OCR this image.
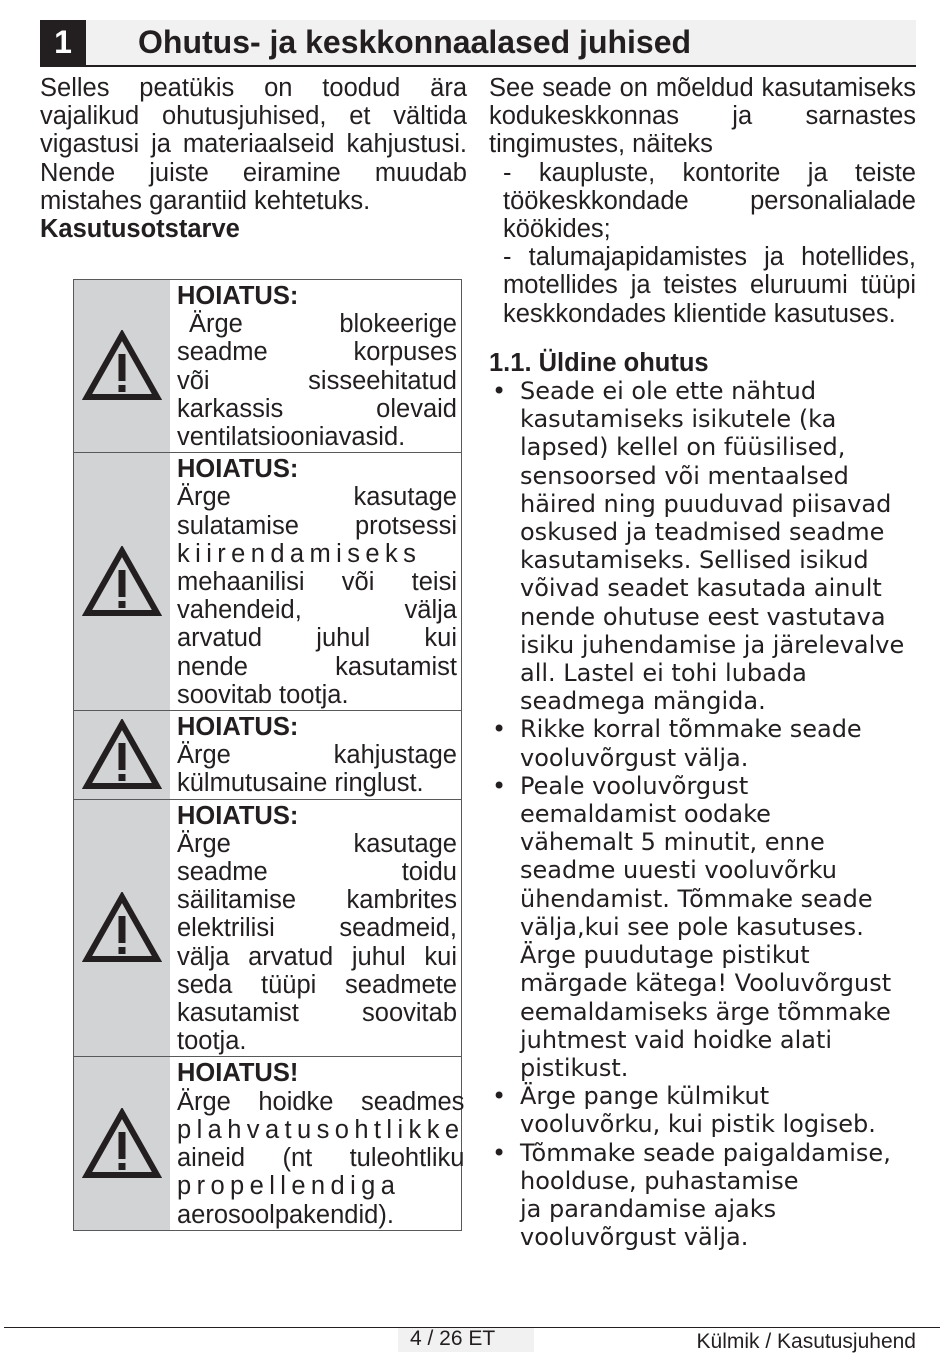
1	Ohutus- ja keskkonnaalased juhised

Selles peatükis on toodud ära vajalikud ohutusjuhised, et vältida vigastusi ja materiaalseid kahjustusi. Nende juiste eiramine muudab mistahes garantiid kehtetuks.

Kasutusotstarve

HOIATUS:

Ärge blokeerige
seadme korpuses
või sisseehitatud
karkassis olevaid
ventilatsiooniavasid.

HOIATUS:

Ärge kasutage
sulatamise protsessi
kiirendamiseks
mehaanilisi või teisi
vahendeid, välja
arvatud juhul kui
nende kasutamist
soovitab tootja.

HOIATUS:

Ärge kahjustage
külmutusaine ringlust.

HOIATUS:

Ärge kasutage
seadme toidu
säilitamise kambrites
elektrilisi seadmeid,
välja arvatud juhul kui
seda tüüpi seadmete
kasutamist soovitab
tootja.

HOIATUS!

Ärge hoidke seadmes
plahvatusohtlikke
aineid (nt tuleohtliku
propellendiga
aerosoolpakendid).

See seade on mõeldud kasutamiseks kodukeskkonnas ja sarnastes tingimustes, näiteks

- kaupluste, kontorite ja teiste töökeskkondade personalialade köökides;

- talumajapidamistes ja hotellides, motellides ja teistes eluruumi tüüpi keskkondades klientide kasutuses.

1.1. Üldine ohutus

• Seade ei ole ette nähtud
kasutamiseks isikutele (ka
lapsed) kellel on füüsilised,
sensoorsed või mentaalsed
häired ning puuduvad piisavad
oskused ja teadmised seadme
kasutamiseks. Sellised isikud
võivad seadet kasutada ainult
nende ohutuse eest vastutava
isiku juhendamise ja järelevalve
all. Lastel ei tohi lubada
seadmega mängida.
• Rikke korral tõmmake seade
vooluvõrgust välja.
• Peale vooluvõrgust
eemaldamist oodake
vähemalt 5 minutit, enne
seadme uuesti vooluvõrku
ühendamist. Tõmmake seade
välja,kui see pole kasutuses.
Ärge puudutage pistikut
märgade kätega! Vooluvõrgust
eemaldamiseks ärge tõmmake
juhtmest vaid hoidke alati
pistikust.
• Ärge pange külmikut
vooluvõrku, kui pistik logiseb.
• Tõmmake seade paigaldamise,
hoolduse, puhastamise
ja parandamise ajaks
vooluvõrgust välja.
4 / 26 ET	Külmik / Kasutusjuhend
